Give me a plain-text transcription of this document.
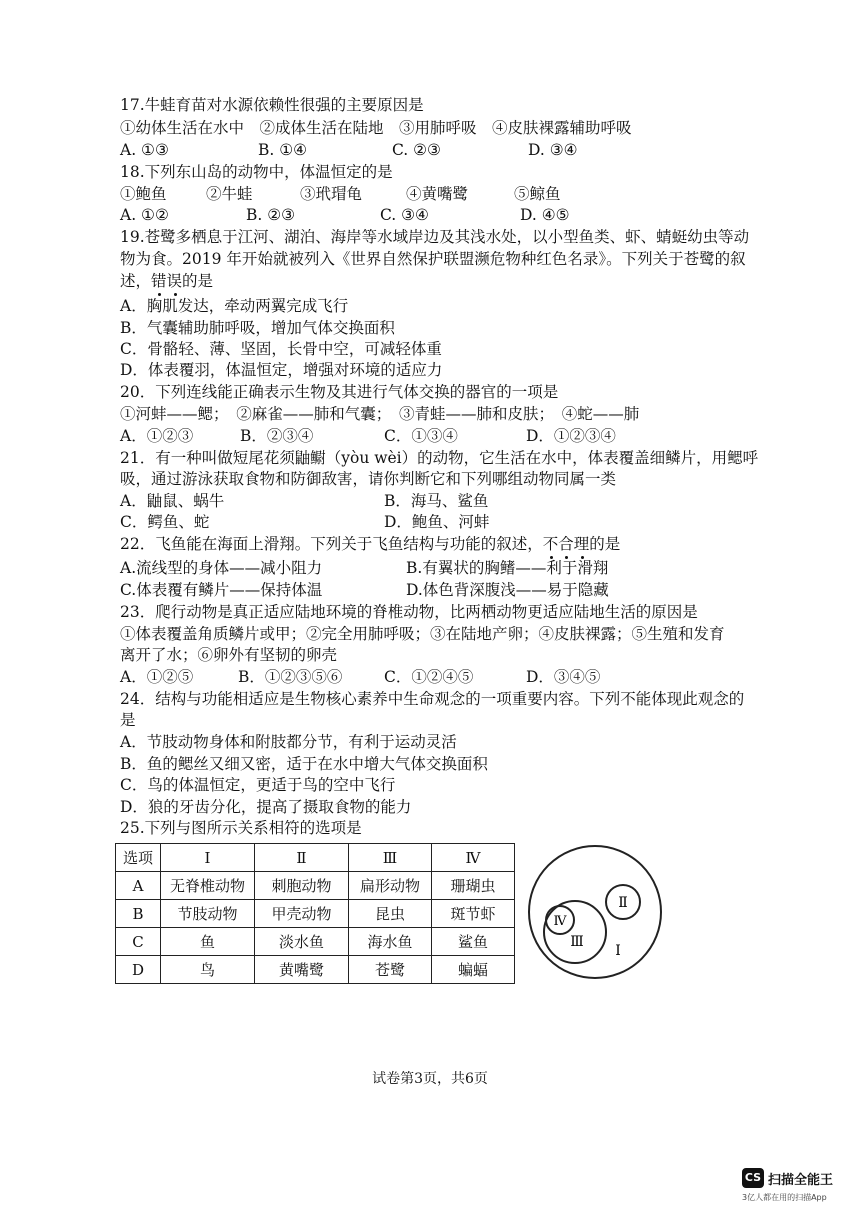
17.牛蛙育苗对水源依赖性很强的主要原因是
①幼体生活在水中　②成体生活在陆地　③用肺呼吸　④皮肤裸露辅助呼吸
A. ①③	B. ①④	C. ②③	D. ③④
18.下列东山岛的动物中，体温恒定的是
①鲍鱼	②牛蛙	③玳瑁龟	④黄嘴鹭	⑤鲸鱼
A. ①②	B. ②③	C. ③④	D. ④⑤
19.苍鹭多栖息于江河、湖泊、海岸等水域岸边及其浅水处，以小型鱼类、虾、蜻蜓幼虫等动
物为食。2019 年开始就被列入《世界自然保护联盟濒危物种红色名录》。下列关于苍鹭的叙
述，错误的是
A．胸肌发达，牵动两翼完成飞行
B．气囊辅助肺呼吸，增加气体交换面积
C．骨骼轻、薄、坚固，长骨中空，可减轻体重
D．体表覆羽，体温恒定，增强对环境的适应力
20．下列连线能正确表示生物及其进行气体交换的器官的一项是
①河蚌——鳃；　②麻雀——肺和气囊；　③青蛙——肺和皮肤；　④蛇——肺
A．①②③	B．②③④	C．①③④	D．①②③④
21．有一种叫做短尾花须鼬鳚（yòu wèi）的动物，它生活在水中，体表覆盖细鳞片，用鳃呼
吸，通过游泳获取食物和防御敌害，请你判断它和下列哪组动物同属一类
A．鼬鼠、蜗牛	B．海马、鲨鱼
C．鳄鱼、蛇	D．鲍鱼、河蚌
22．飞鱼能在海面上滑翔。下列关于飞鱼结构与功能的叙述，不合理的是
A.流线型的身体——减小阻力	B.有翼状的胸鳍——利于滑翔
C.体表覆有鳞片——保持体温	D.体色背深腹浅——易于隐藏
23．爬行动物是真正适应陆地环境的脊椎动物，比两栖动物更适应陆地生活的原因是
①体表覆盖角质鳞片或甲；②完全用肺呼吸；③在陆地产卵；④皮肤裸露；⑤生殖和发育
离开了水；⑥卵外有坚韧的卵壳
A．①②⑤	B．①②③⑤⑥	C．①②④⑤	D．③④⑤
24．结构与功能相适应是生物核心素养中生命观念的一项重要内容。下列不能体现此观念的
是
A．节肢动物身体和附肢都分节，有利于运动灵活
B．鱼的鳃丝又细又密，适于在水中增大气体交换面积
C．鸟的体温恒定，更适于鸟的空中飞行
D．狼的牙齿分化，提高了摄取食物的能力
25.下列与图所示关系相符的选项是
选项	Ⅰ	Ⅱ	Ⅲ	Ⅳ
A	无脊椎动物	刺胞动物	扁形动物	珊瑚虫
B	节肢动物	甲壳动物	昆虫	斑节虾
C	鱼	淡水鱼	海水鱼	鲨鱼
D	鸟	黄嘴鹭	苍鹭	蝙蝠
Ⅱ
Ⅳ
Ⅲ
Ⅰ
试卷第3页，共6页
CS 扫描全能王
3亿人都在用的扫描App
